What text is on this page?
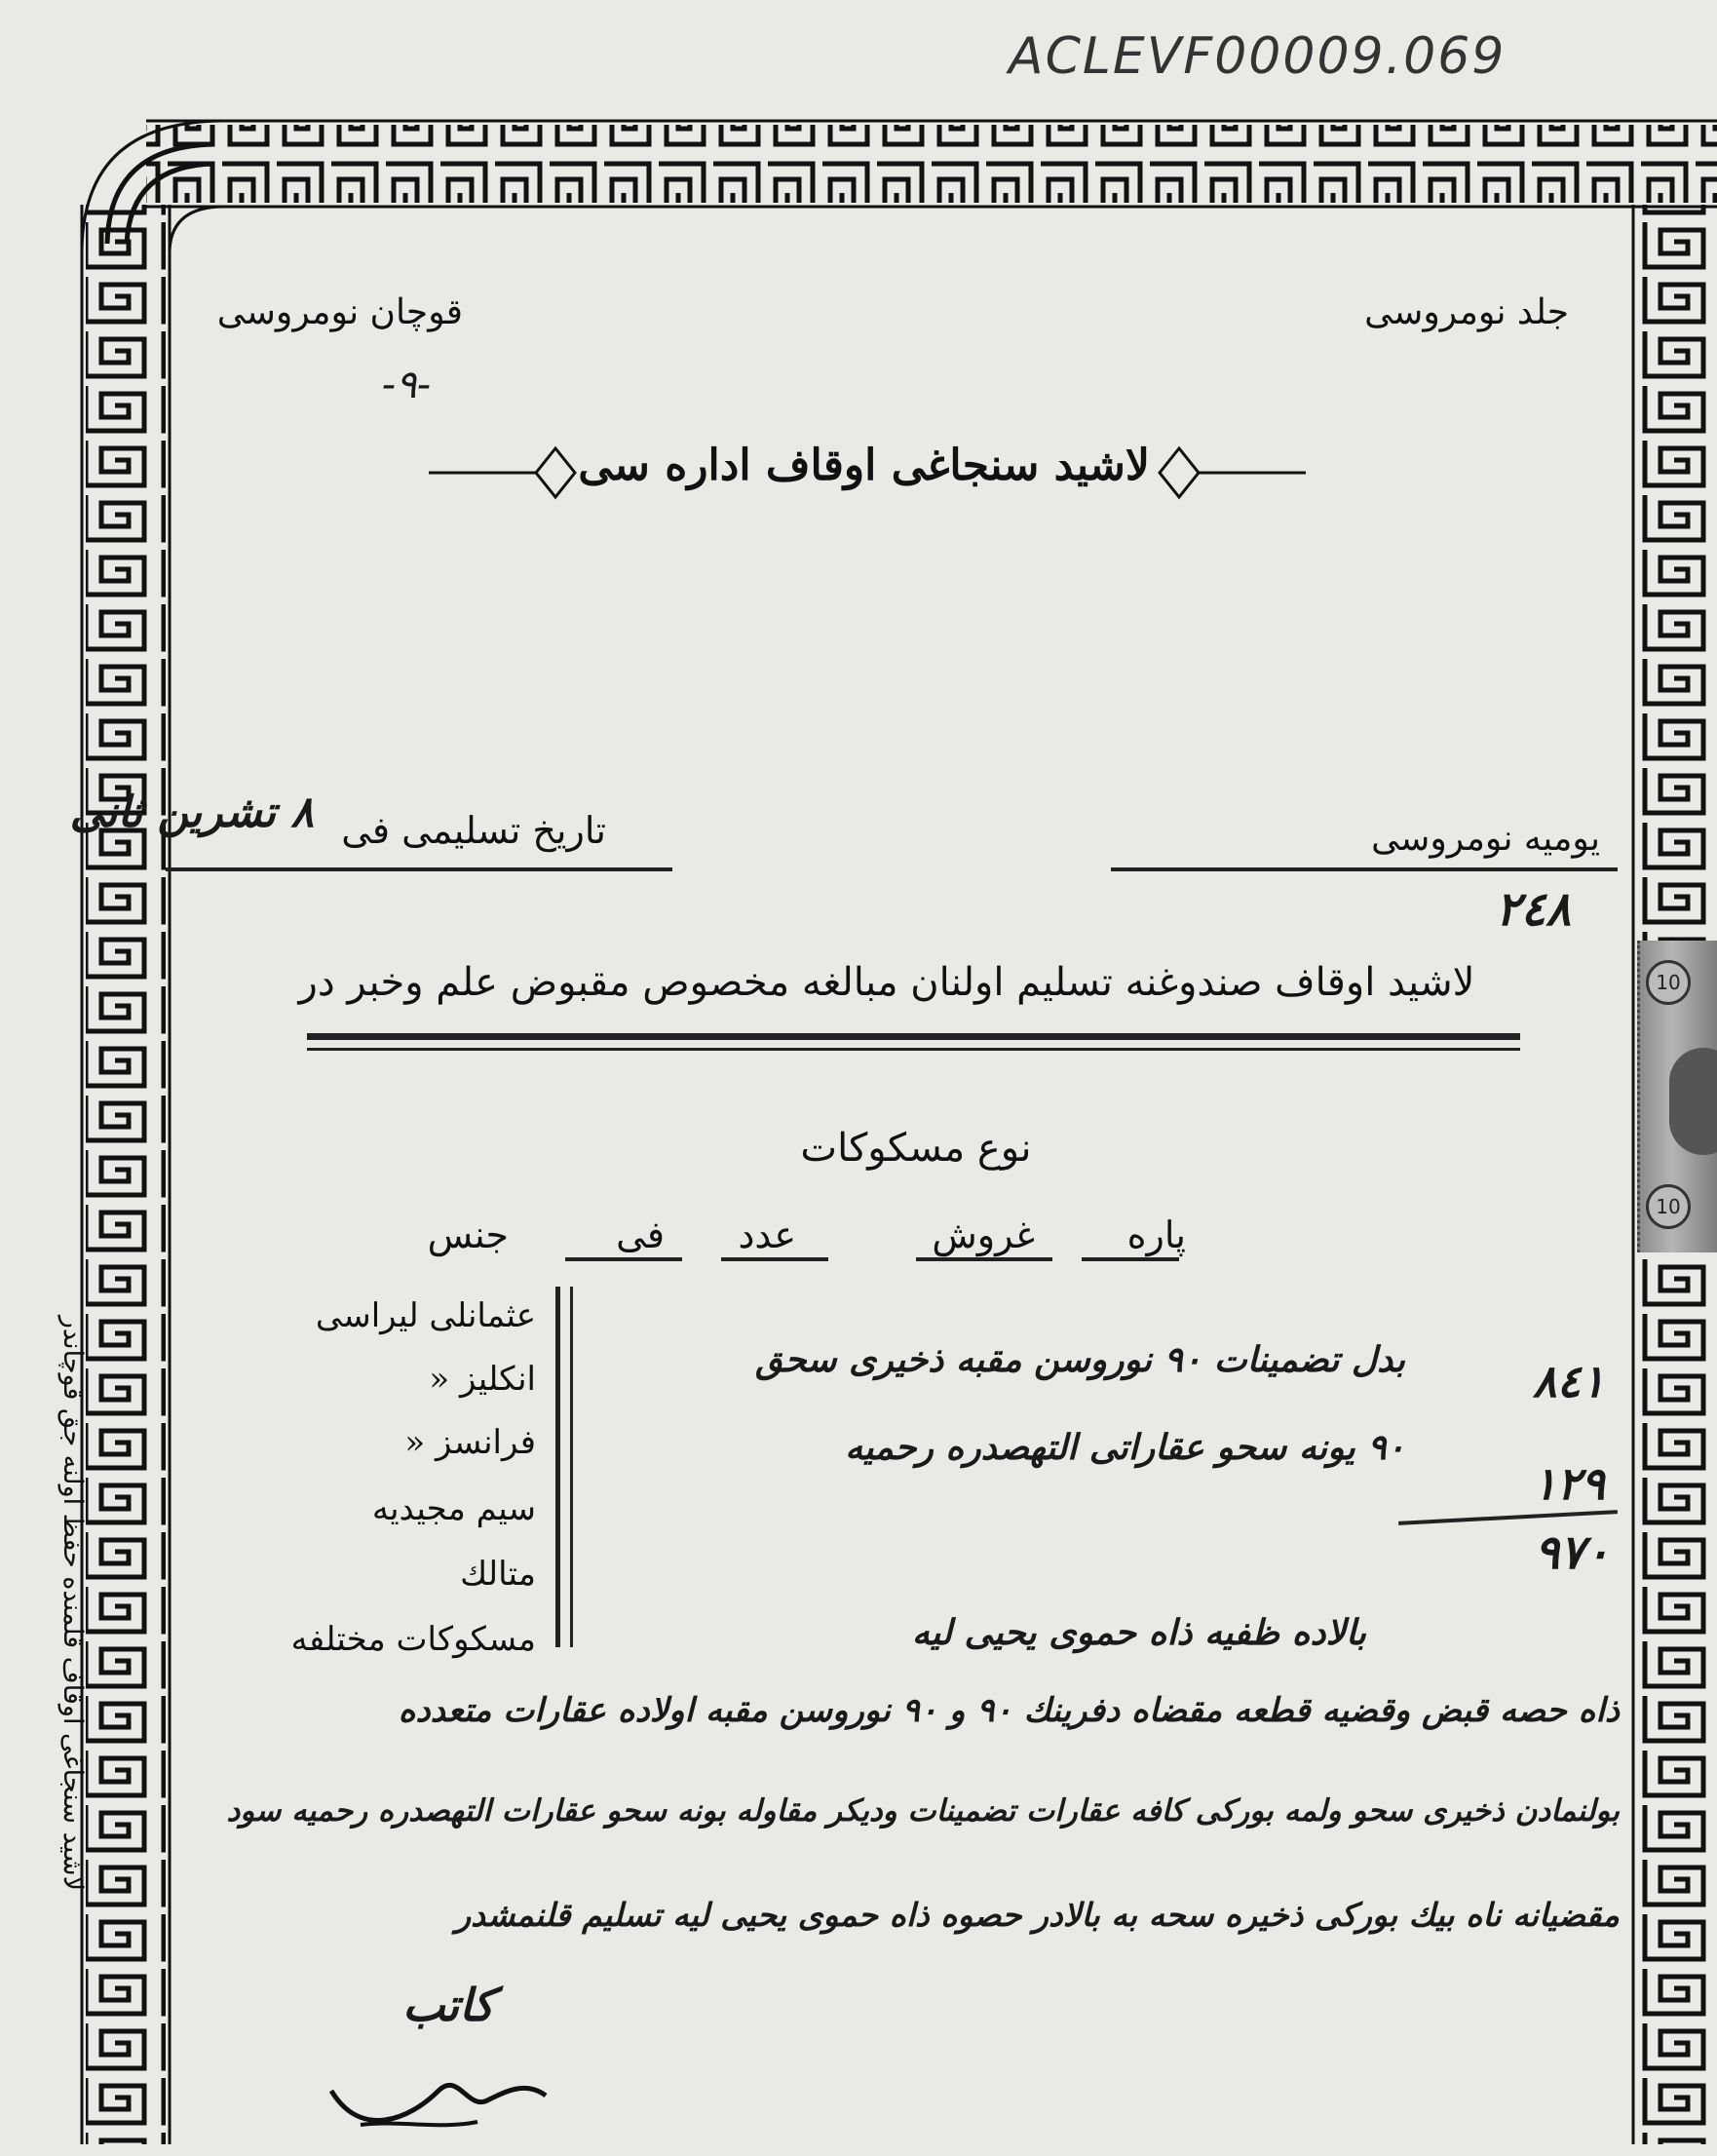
ACLEVF00009.069
لاشيد سنجاغى اوقاف قلمنده حفظ اولنه جق قوچاندر
جلد نومروسى
قوچان نومروسى
-٩-
لاشيد سنجاغى اوقاف اداره سى
تاريخ تسليمى فى
٨ تشرين ثانى
يوميه نومروسى
٢٤٨
لاشيد اوقاف صندوغنه تسليم اولنان مبالغه مخصوص مقبوض علم وخبر در
نوع مسكوكات
جنس	فى عدد	غروش پاره
عثمانلى ليراسى
انكليز «
فرانسز «
سيم مجيديه
متالك
مسكوكات مختلفه
بدل تضمينات ٩٠ نوروسن مقبه ذخيرى سحق
٩٠ يونه سحو عقاراتى التهصدره رحميه
٨٤١
١٢٩
٩٧٠
بالاده ظفيه ذاه حموى يحيى ليه
ذاه حصه قبض وقضيه قطعه مقضاه دفرینك ٩٠ و ٩٠ نوروسن مقبه اولاده عقارات متعدده
بولنمادن ذخيرى سحو ولمه بوركى كافه عقارات تضمينات وديكر مقاوله بونه سحو عقارات التهصدره رحميه سود
مقضيانه ناه بيك بوركى ذخيره سحه به بالادر حصوه ذاه حموى يحيى ليه تسليم قلنمشدر
كاتب
10
10
